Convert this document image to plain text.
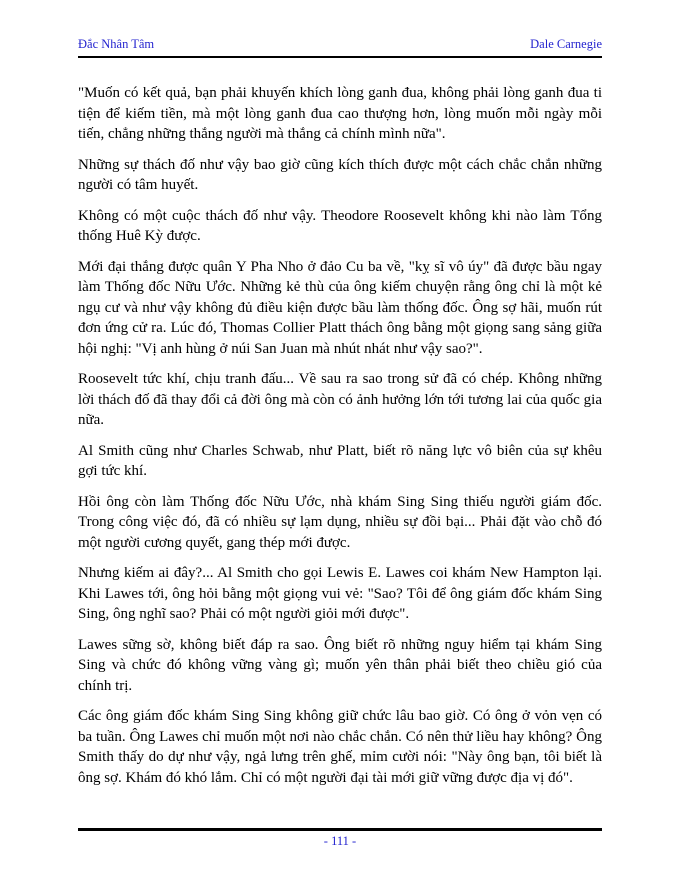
Đắc Nhân Tâm	Dale Carnegie

"Muốn có kết quả, bạn phải khuyến khích lòng ganh đua, không phải lòng ganh đua ti tiện để kiếm tiền, mà một lòng ganh đua cao thượng hơn, lòng muốn mỗi ngày mỗi tiến, chẳng những thắng người mà thắng cả chính mình nữa".

Những sự thách đố như vậy bao giờ cũng kích thích được một cách chắc chắn những người có tâm huyết.

Không có một cuộc thách đố như vậy. Theodore Roosevelt không khi nào làm Tổng thống Huê Kỳ được.

Mới đại thắng được quân Y Pha Nho ở đảo Cu ba về, "kỵ sĩ vô úy" đã được bầu ngay làm Thống đốc Nữu Ước. Những kẻ thù của ông kiếm chuyện rằng ông chỉ là một kẻ ngụ cư và như vậy không đủ điều kiện được bầu làm thống đốc. Ông sợ hãi, muốn rút đơn ứng cử ra. Lúc đó, Thomas Collier Platt thách ông bằng một giọng sang sảng giữa hội nghị: "Vị anh hùng ở núi San Juan mà nhút nhát như vậy sao?".

Roosevelt tức khí, chịu tranh đấu... Về sau ra sao trong sử đã có chép. Không những lời thách đố đã thay đổi cả đời ông mà còn có ảnh hưởng lớn tới tương lai của quốc gia nữa.

Al Smith cũng như Charles Schwab, như Platt, biết rõ năng lực vô biên của sự khêu gợi tức khí.

Hồi ông còn làm Thống đốc Nữu Ước, nhà khám Sing Sing thiếu người giám đốc. Trong công việc đó, đã có nhiều sự lạm dụng, nhiều sự đồi bại... Phải đặt vào chỗ đó một người cương quyết, gang thép mới được.

Nhưng kiếm ai đây?... Al Smith cho gọi Lewis E. Lawes coi khám New Hampton lại. Khi Lawes tới, ông hỏi bằng một giọng vui vẻ: "Sao? Tôi để ông giám đốc khám Sing Sing, ông nghĩ sao? Phải có một người giỏi mới được".

Lawes sững sờ, không biết đáp ra sao. Ông biết rõ những nguy hiểm tại khám Sing Sing và chức đó không vững vàng gì; muốn yên thân phải biết theo chiều gió của chính trị.

Các ông giám đốc khám Sing Sing không giữ chức lâu bao giờ. Có ông ở vỏn vẹn có ba tuần. Ông Lawes chỉ muốn một nơi nào chắc chắn. Có nên thử liều hay không? Ông Smith thấy do dự như vậy, ngả lưng trên ghế, mỉm cười nói: "Này ông bạn, tôi biết là ông sợ. Khám đó khó lắm. Chỉ có một người đại tài mới giữ vững được địa vị đó".

- 111 -
